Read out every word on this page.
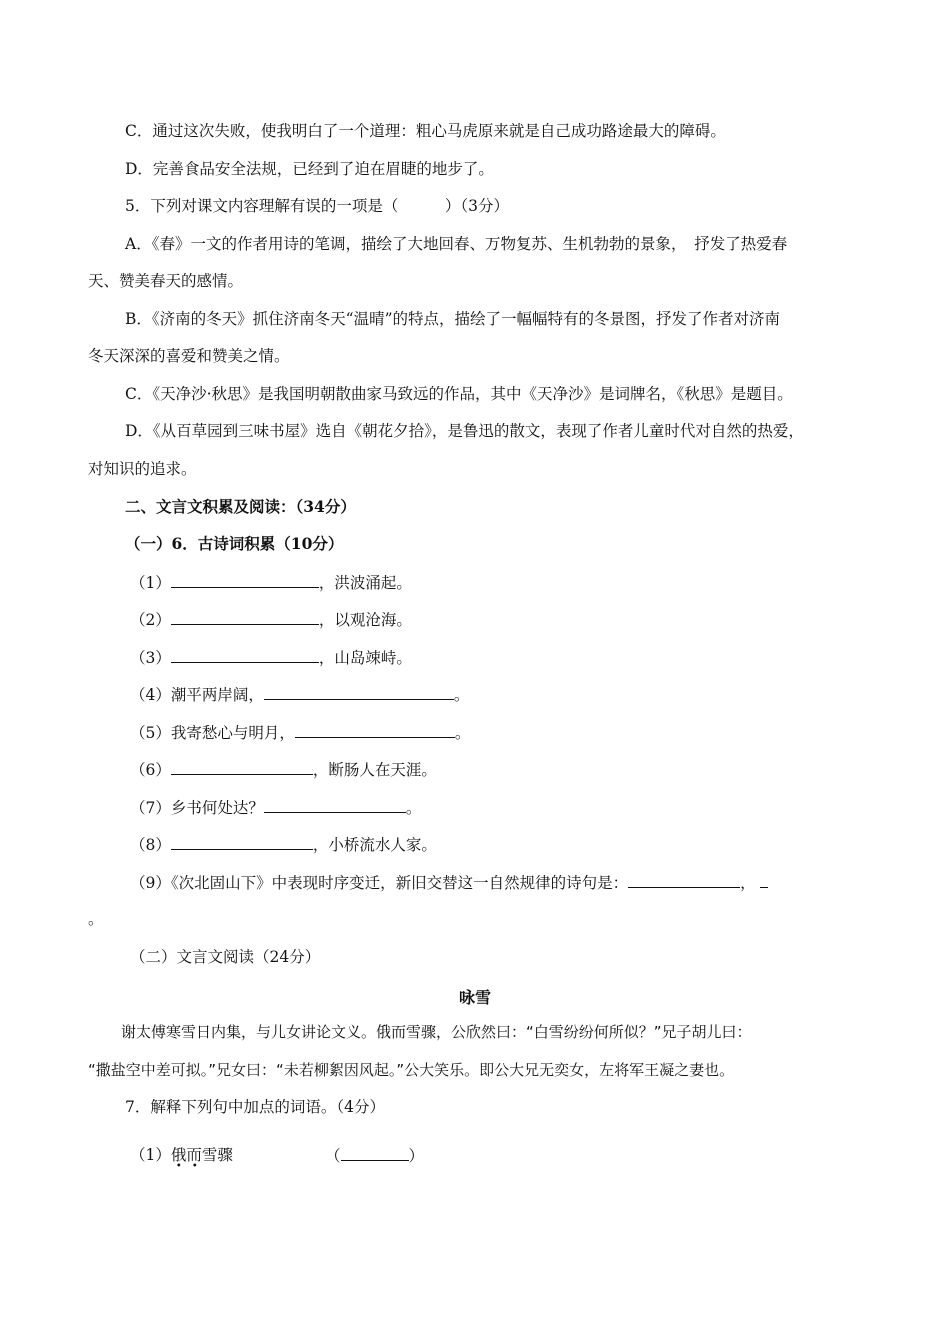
C．通过这次失败，使我明白了一个道理：粗心马虎原来就是自己成功路途最大的障碍。
D．完善食品安全法规，已经到了迫在眉睫的地步了。
5．下列对课文内容理解有误的一项是（　　　）（3分）
A．《春》一文的作者用诗的笔调，描绘了大地回春、万物复苏、生机勃勃的景象，　抒发了热爱春
天、赞美春天的感情。
B．《济南的冬天》抓住济南冬天“温晴”的特点，描绘了一幅幅特有的冬景图，抒发了作者对济南
冬天深深的喜爱和赞美之情。
C．《天净沙·秋思》是我国明朝散曲家马致远的作品，其中《天净沙》是词牌名，《秋思》是题目。
D．《从百草园到三味书屋》选自《朝花夕拾》，是鲁迅的散文，表现了作者儿童时代对自然的热爱，
对知识的追求。
二、文言文积累及阅读：（34分）
（一）6．古诗词积累（10分）
（1）	，洪波涌起。
（2）	，以观沧海。
（3）	，山岛竦峙。
（4）潮平两岸阔，	。
（5）我寄愁心与明月，	。
（6）	，断肠人在天涯。
（7）乡书何处达？	。
（8）	，小桥流水人家。
（9）《次北固山下》中表现时序变迁，新旧交替这一自然规律的诗句是：	，
。
（二）文言文阅读（24分）
咏雪
谢太傅寒雪日内集，与儿女讲论文义。俄而雪骤，公欣然曰：“白雪纷纷何所似？”兄子胡儿曰：
“撒盐空中差可拟。”兄女曰：“未若柳絮因风起。”公大笑乐。即公大兄无奕女，左将军王凝之妻也。
7．解释下列句中加点的词语。（4分）
（1）俄而
• •
雪骤	（	）
